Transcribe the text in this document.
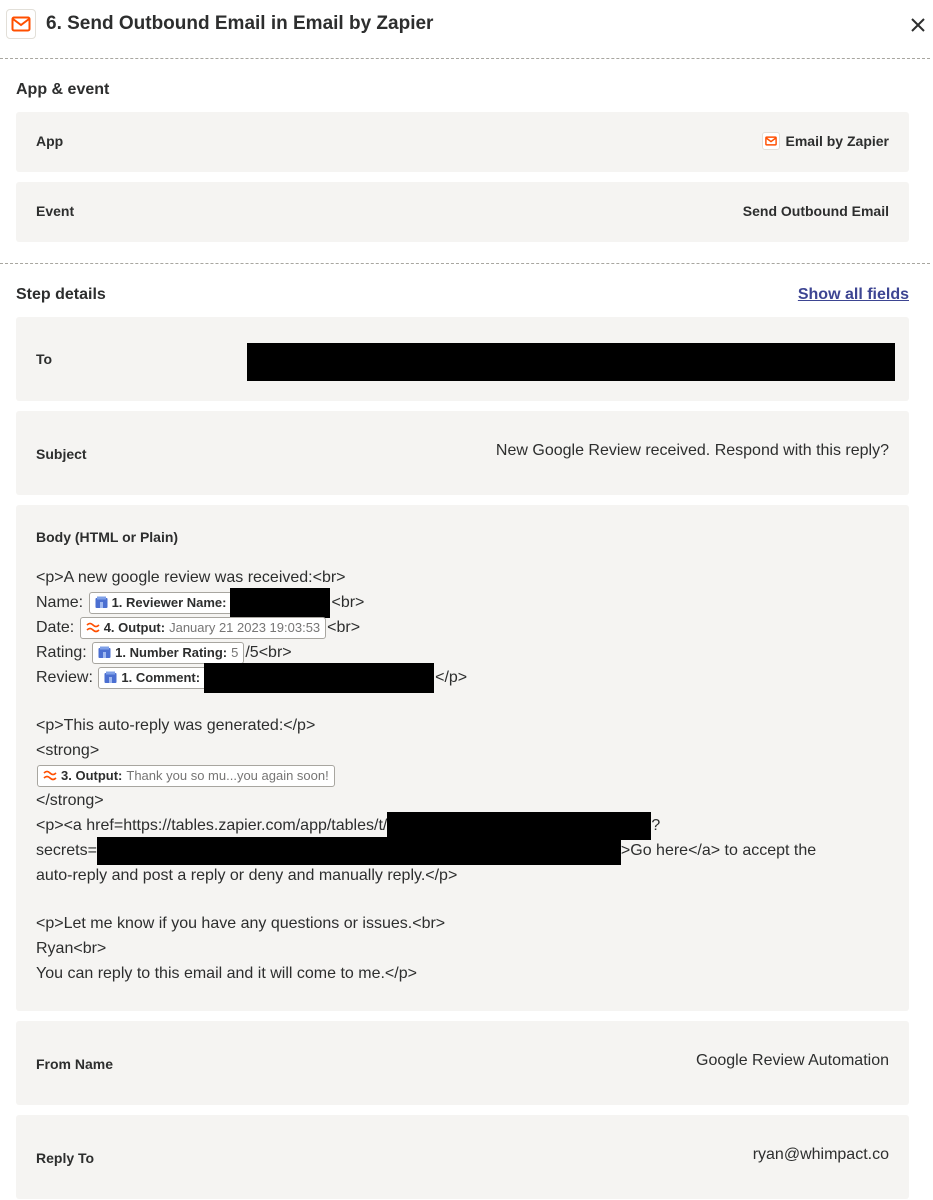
6. Send Outbound Email in Email by Zapier
App & event
App	Email by Zapier
Event	Send Outbound Email
Step details	Show all fields
To
Subject	New Google Review received. Respond with this reply?
Body (HTML or Plain)
<p>A new google review was received:<br>
Name:
1. Reviewer Name:	<br>
Date:
4. Output: January 21 2023 19:03:53 <br>
Rating:
1. Number Rating: 5 /5<br>
Review:
1. Comment:	</p>
<p>This auto-reply was generated:</p>
<strong>
3. Output: Thank you so mu...you again soon!
</strong>
<p><a href=https://tables.zapier.com/app/tables/t/	?
secrets=	>Go here</a> to accept the
auto-reply and post a reply or deny and manually reply.</p>
<p>Let me know if you have any questions or issues.<br>
Ryan<br>
You can reply to this email and it will come to me.</p>
From Name	Google Review Automation
Reply To	ryan@whimpact.co
